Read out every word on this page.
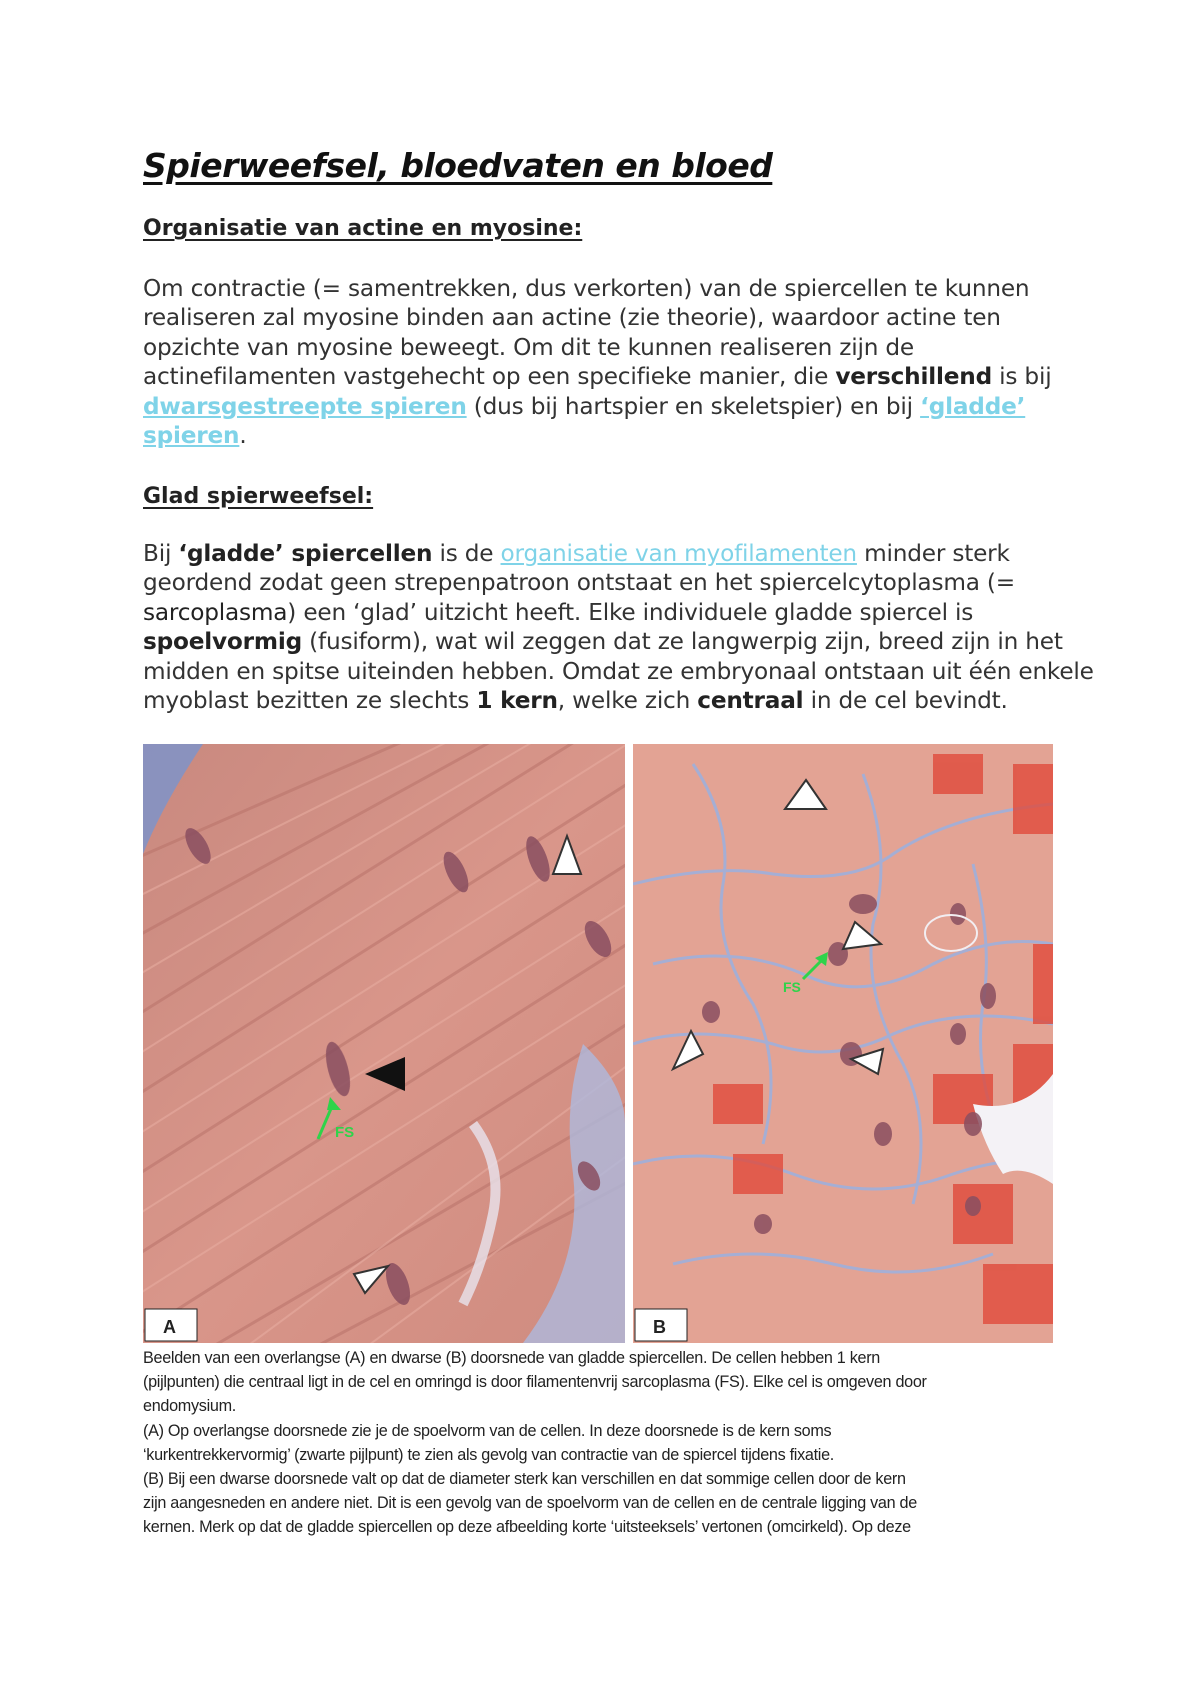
Spierweefsel, bloedvaten en bloed
Organisatie van actine en myosine:

Om contractie (= samentrekken, dus verkorten) van de spiercellen te kunnen realiseren zal myosine binden aan actine (zie theorie), waardoor actine ten opzichte van myosine beweegt. Om dit te kunnen realiseren zijn de actinefilamenten vastgehecht op een specifieke manier, die verschillend is bij dwarsgestreepte spieren (dus bij hartspier en skeletspier) en bij ‘gladde’ spieren.

Glad spierweefsel:

Bij ‘gladde’ spiercellen is de organisatie van myofilamenten minder sterk geordend zodat geen strepenpatroon ontstaat en het spiercelcytoplasma (= sarcoplasma) een ‘glad’ uitzicht heeft. Elke individuele gladde spiercel is spoelvormig (fusiform), wat wil zeggen dat ze langwerpig zijn, breed zijn in het midden en spitse uiteinden hebben. Omdat ze embryonaal ontstaan uit één enkele myoblast bezitten ze slechts 1 kern, welke zich centraal in de cel bevindt.

FS
A
FS
B

Beelden van een overlangse (A) en dwarse (B) doorsnede van gladde spiercellen. De cellen hebben 1 kern
(pijlpunten) die centraal ligt in de cel en omringd is door filamentenvrij sarcoplasma (FS). Elke cel is omgeven door
endomysium.
(A) Op overlangse doorsnede zie je de spoelvorm van de cellen. In deze doorsnede is de kern soms
‘kurkentrekkervormig’ (zwarte pijlpunt) te zien als gevolg van contractie van de spiercel tijdens fixatie.
(B) Bij een dwarse doorsnede valt op dat de diameter sterk kan verschillen en dat sommige cellen door de kern
zijn aangesneden en andere niet. Dit is een gevolg van de spoelvorm van de cellen en de centrale ligging van de
kernen. Merk op dat de gladde spiercellen op deze afbeelding korte ‘uitsteeksels’ vertonen (omcirkeld). Op deze
